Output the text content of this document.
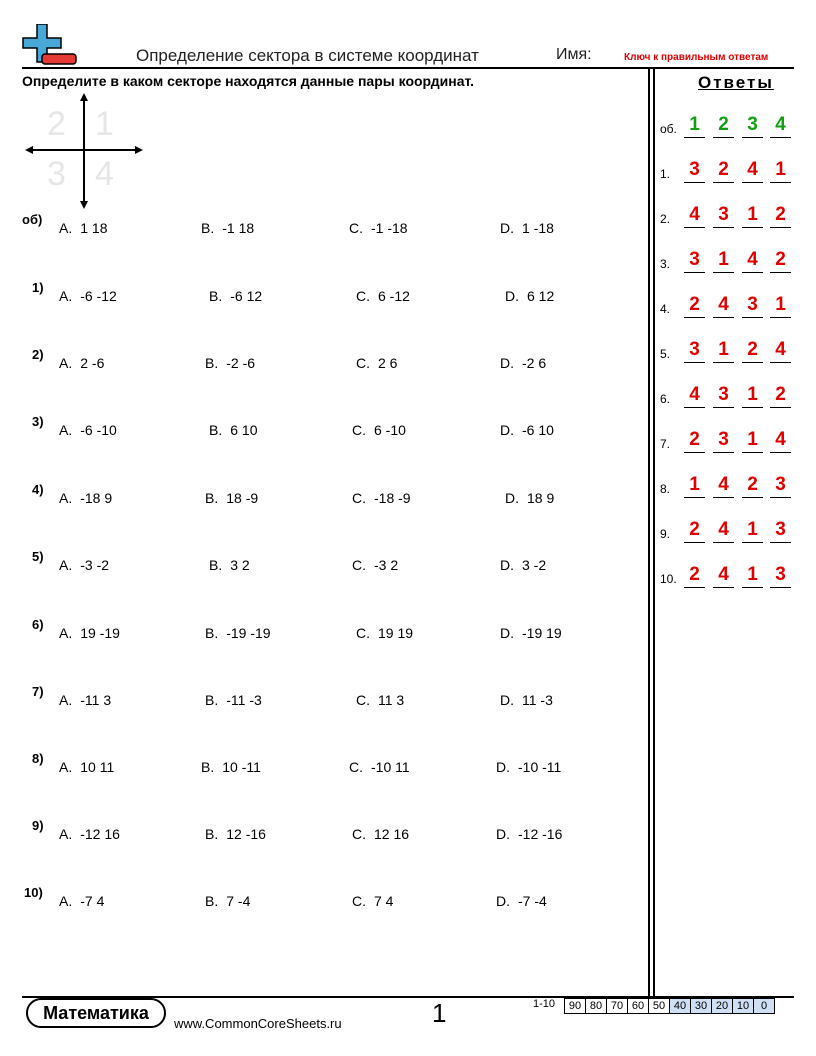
Определение сектора в системе координат	Имя:	Ключ к правильным ответам
Определите в каком секторе находятся данные пары координат.
2 1
3 4
об)
A. 1 18	B. -1 18	C. -1 -18	D. 1 -18
1)
A. -6 -12	B. -6 12	C. 6 -12	D. 6 12
2)
A. 2 -6	B. -2 -6	C. 2 6	D. -2 6
3)
A. -6 -10	B. 6 10	C. 6 -10	D. -6 10
4)
A. -18 9	B. 18 -9	C. -18 -9	D. 18 9
5)
A. -3 -2	B. 3 2	C. -3 2	D. 3 -2
6)
A. 19 -19	B. -19 -19	C. 19 19	D. -19 19
7)
A. -11 3	B. -11 -3	C. 11 3	D. 11 -3
8)
A. 10 11	B. 10 -11	C. -10 11	D. -10 -11
9)
A. -12 16	B. 12 -16	C. 12 16	D. -12 -16
10)
A. -7 4	B. 7 -4	C. 7 4	D. -7 -4
Ответы
об. 1 2 3 4
1. 3 2 4 1
2. 4 3 1 2
3. 3 1 4 2
4. 2 4 3 1
5. 3 1 2 4
6. 4 3 1 2
7. 2 3 1 4
8. 1 4 2 3
9. 2 4 1 3
10. 2 4 1 3
Математика
www.CommonCoreSheets.ru	1	1-10 90	80	70	60	50	40	30	20	10	0
